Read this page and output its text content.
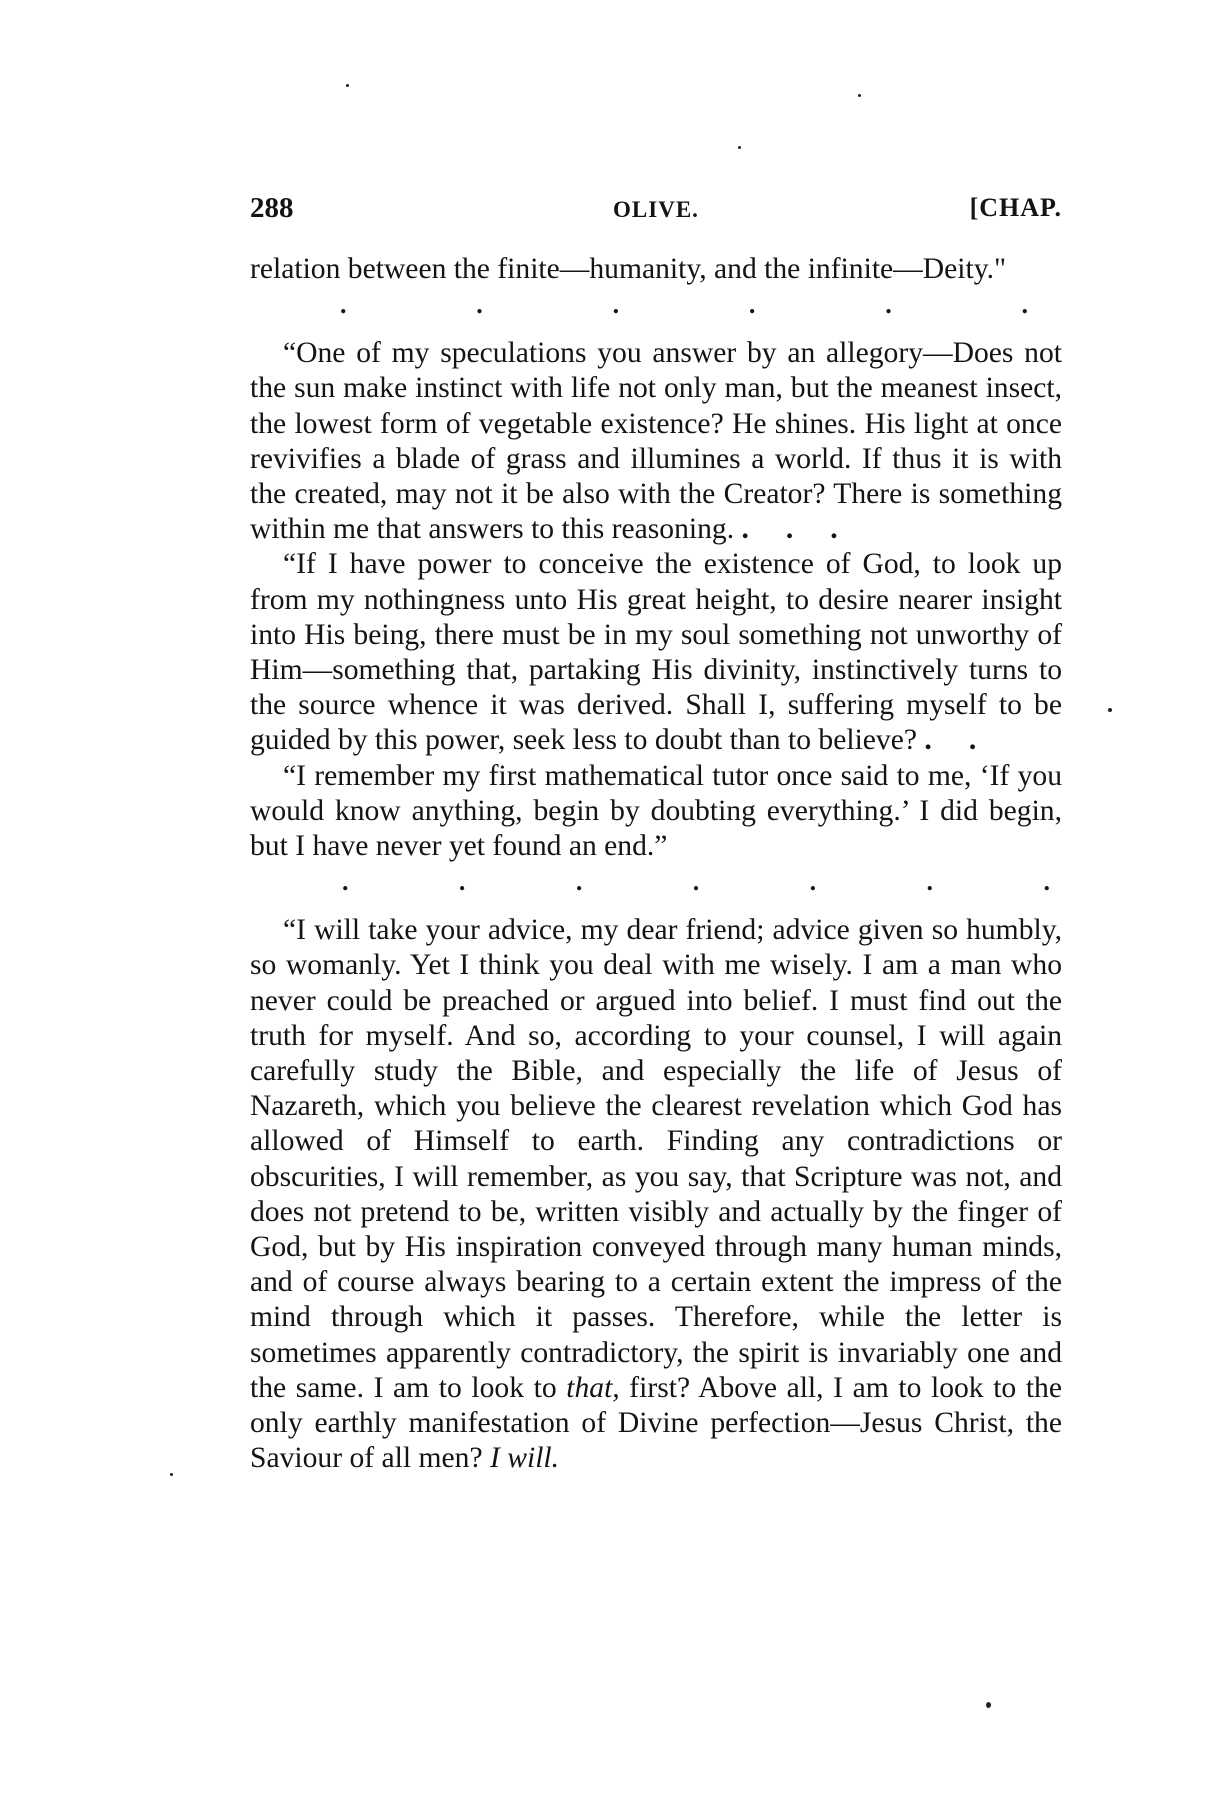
288	OLIVE.	[CHAP.

relation between the finite—humanity, and the infinite—Deity."

.	.	.	.	.	.

“One of my speculations you answer by an allegory—Does not the sun make instinct with life not only man, but the meanest insect, the lowest form of vegetable existence? He shines. His light at once revivifies a blade of grass and illumines a world. If thus it is with the created, may not it be also with the Creator? There is something within me that answers to this reasoning. .     .     .

“If I have power to conceive the existence of God, to look up from my nothingness unto His great height, to desire nearer insight into His being, there must be in my soul something not unworthy of Him—something that, partaking His divinity, instinctively turns to the source whence it was derived. Shall I, suffering myself to be guided by this power, seek less to doubt than to believe? .     .

“I remember my first mathematical tutor once said to me, ‘If you would know anything, begin by doubting everything.’ I did begin, but I have never yet found an end.”

.	.	.	.	.	.	.

“I will take your advice, my dear friend; advice given so humbly, so womanly. Yet I think you deal with me wisely. I am a man who never could be preached or argued into belief. I must find out the truth for myself. And so, according to your counsel, I will again carefully study the Bible, and especially the life of Jesus of Nazareth, which you believe the clearest revelation which God has allowed of Himself to earth. Finding any contradictions or obscurities, I will remember, as you say, that Scripture was not, and does not pretend to be, written visibly and actually by the finger of God, but by His inspiration conveyed through many human minds, and of course always bearing to a certain extent the impress of the mind through which it passes. Therefore, while the letter is sometimes apparently contradictory, the spirit is invariably one and the same. I am to look to that, first? Above all, I am to look to the only earthly manifestation of Divine perfection—Jesus Christ, the Saviour of all men? I will.
